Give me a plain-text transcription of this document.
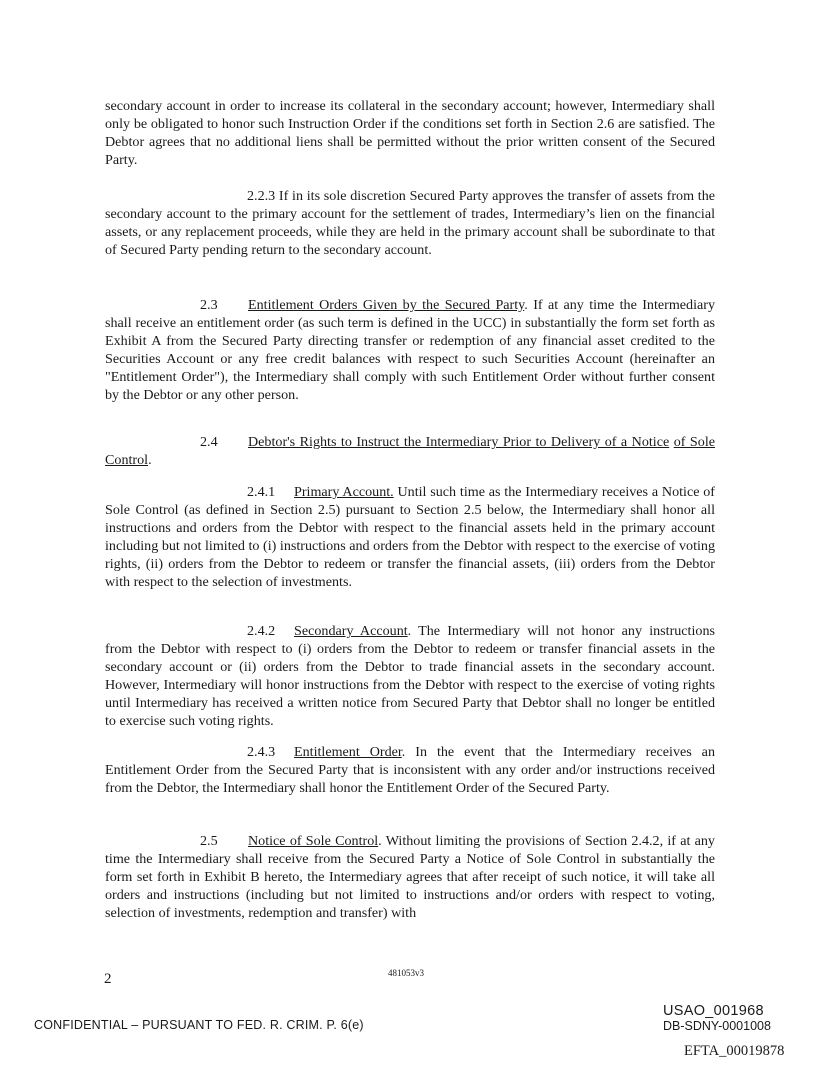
secondary account in order to increase its collateral in the secondary account; however, Intermediary shall only be obligated to honor such Instruction Order if the conditions set forth in Section 2.6 are satisfied. The Debtor agrees that no additional liens shall be permitted without the prior written consent of the Secured Party.

2.2.3 If in its sole discretion Secured Party approves the transfer of assets from the secondary account to the primary account for the settlement of trades, Intermediary’s lien on the financial assets, or any replacement proceeds, while they are held in the primary account shall be subordinate to that of Secured Party pending return to the secondary account.

2.3 Entitlement Orders Given by the Secured Party. If at any time the Intermediary shall receive an entitlement order (as such term is defined in the UCC) in substantially the form set forth as Exhibit A from the Secured Party directing transfer or redemption of any financial asset credited to the Securities Account or any free credit balances with respect to such Securities Account (hereinafter an "Entitlement Order"), the Intermediary shall comply with such Entitlement Order without further consent by the Debtor or any other person.

2.4 Debtor's Rights to Instruct the Intermediary Prior to Delivery of a Notice of Sole Control.

2.4.1 Primary Account. Until such time as the Intermediary receives a Notice of Sole Control (as defined in Section 2.5) pursuant to Section 2.5 below, the Intermediary shall honor all instructions and orders from the Debtor with respect to the financial assets held in the primary account including but not limited to (i) instructions and orders from the Debtor with respect to the exercise of voting rights, (ii) orders from the Debtor to redeem or transfer the financial assets, (iii) orders from the Debtor with respect to the selection of investments.

2.4.2 Secondary Account. The Intermediary will not honor any instructions from the Debtor with respect to (i) orders from the Debtor to redeem or transfer financial assets in the secondary account or (ii) orders from the Debtor to trade financial assets in the secondary account. However, Intermediary will honor instructions from the Debtor with respect to the exercise of voting rights until Intermediary has received a written notice from Secured Party that Debtor shall no longer be entitled to exercise such voting rights.

2.4.3 Entitlement Order. In the event that the Intermediary receives an Entitlement Order from the Secured Party that is inconsistent with any order and/or instructions received from the Debtor, the Intermediary shall honor the Entitlement Order of the Secured Party.

2.5 Notice of Sole Control. Without limiting the provisions of Section 2.4.2, if at any time the Intermediary shall receive from the Secured Party a Notice of Sole Control in substantially the form set forth in Exhibit B hereto, the Intermediary agrees that after receipt of such notice, it will take all orders and instructions (including but not limited to instructions and/or orders with respect to voting, selection of investments, redemption and transfer) with

2	481053v3
CONFIDENTIAL – PURSUANT TO FED. R. CRIM. P. 6(e)
USAO_001968
DB-SDNY-0001008
EFTA_00019878
